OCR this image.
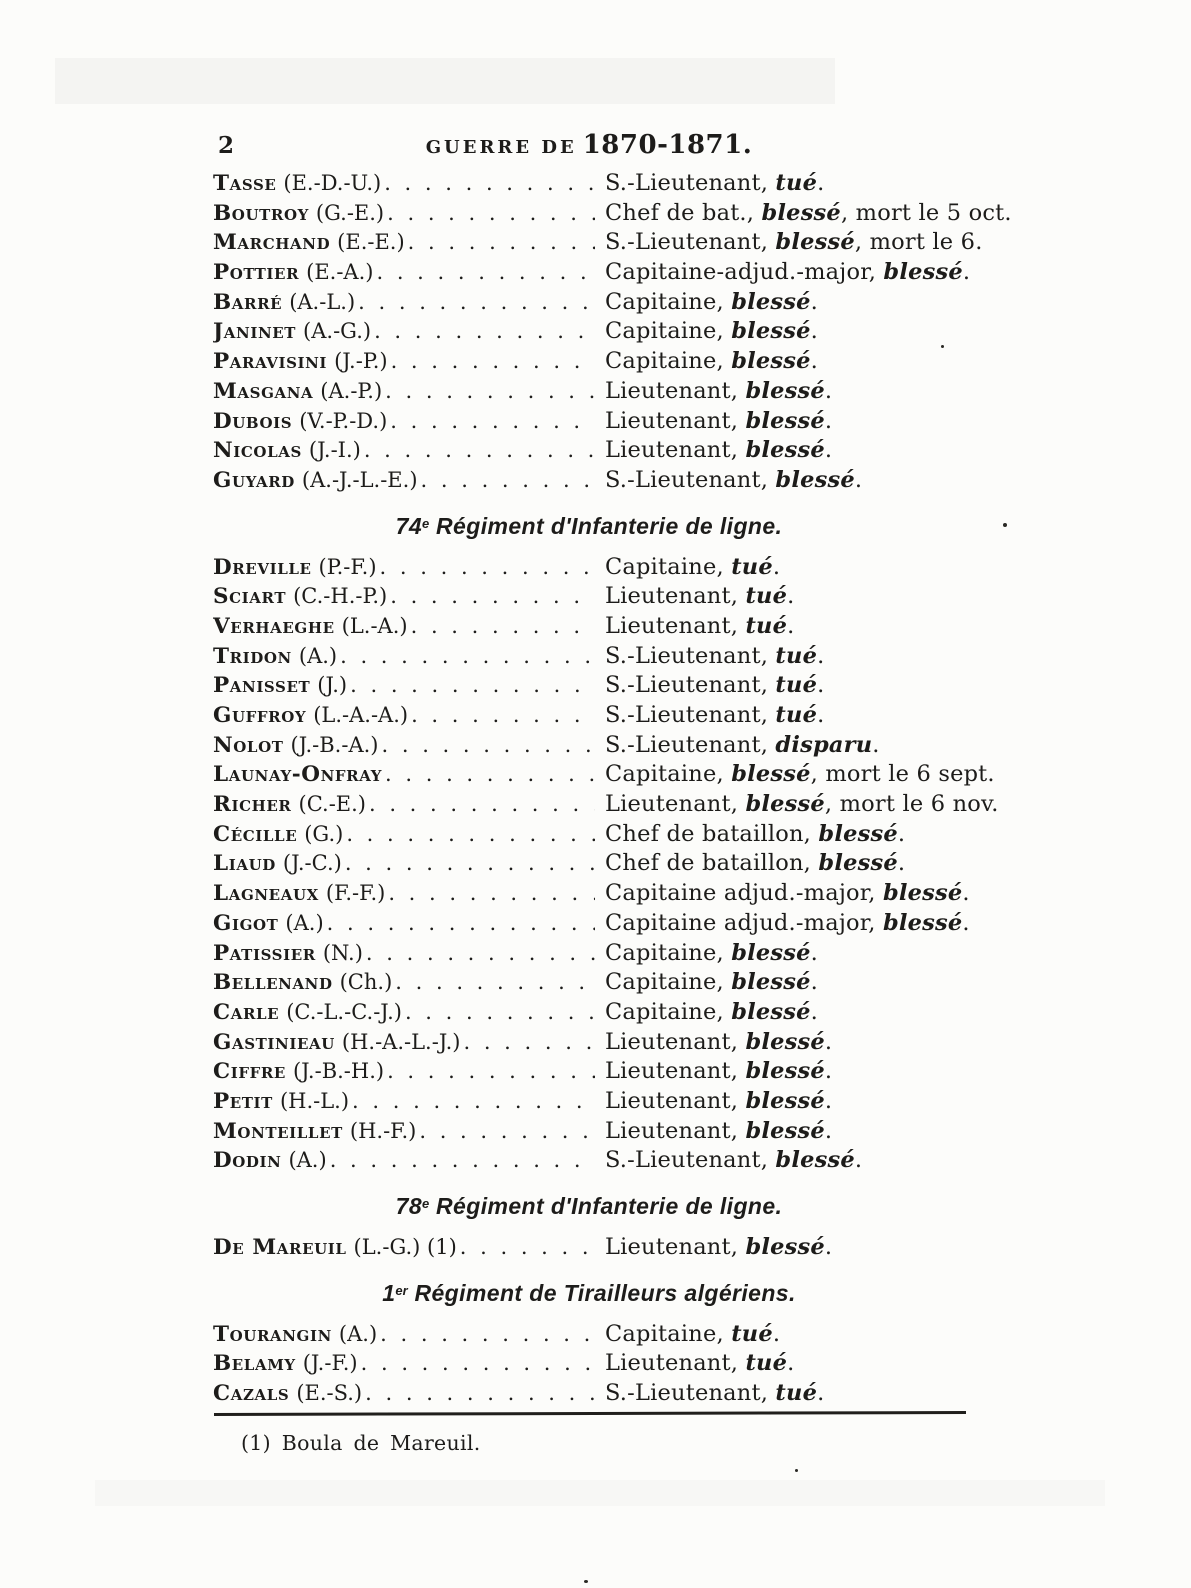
2	GUERRE DE 1870-1871.
Tasse (E.-D.-U.) . . .	S.-Lieutenant, tué.
Boutroy (G.-E.) . . .	Chef de bat., blessé, mort le 5 oct.
Marchand (E.-E.) . . .	S.-Lieutenant, blessé, mort le 6.
Pottier (E.-A.) . . .	Capitaine-adjud.-major, blessé.
Barré (A.-L.) . . .	Capitaine, blessé.
Janinet (A.-G.) . . .	Capitaine, blessé.
Paravisini (J.-P.) . . .	Capitaine, blessé.
Masgana (A.-P.) . . .	Lieutenant, blessé.
Dubois (V.-P.-D.) . . .	Lieutenant, blessé.
Nicolas (J.-I.) . . .	Lieutenant, blessé.
Guyard (A.-J.-L.-E.) . . .	S.-Lieutenant, blessé.
74e Régiment d'Infanterie de ligne.
Dreville (P.-F.) . . .	Capitaine, tué.
Sciart (C.-H.-P.) . . .	Lieutenant, tué.
Verhaeghe (L.-A.) . . .	Lieutenant, tué.
Tridon (A.) . . .	S.-Lieutenant, tué.
Panisset (J.) . . .	S.-Lieutenant, tué.
Guffroy (L.-A.-A.) . . .	S.-Lieutenant, tué.
Nolot (J.-B.-A.) . . .	S.-Lieutenant, disparu.
Launay-Onfray . . .	Capitaine, blessé, mort le 6 sept.
Richer (C.-E.) . . .	Lieutenant, blessé, mort le 6 nov.
Cécille (G.) . . .	Chef de bataillon, blessé.
Liaud (J.-C.) . . .	Chef de bataillon, blessé.
Lagneaux (F.-F.) . . .	Capitaine adjud.-major, blessé.
Gigot (A.) . . .	Capitaine adjud.-major, blessé.
Patissier (N.) . . .	Capitaine, blessé.
Bellenand (Ch.) . . .	Capitaine, blessé.
Carle (C.-L.-C.-J.) . . .	Capitaine, blessé.
Gastinieau (H.-A.-L.-J.) . . .	Lieutenant, blessé.
Ciffre (J.-B.-H.) . . .	Lieutenant, blessé.
Petit (H.-L.) . . .	Lieutenant, blessé.
Monteillet (H.-F.) . . .	Lieutenant, blessé.
Dodin (A.) . . .	S.-Lieutenant, blessé.
78e Régiment d'Infanterie de ligne.
De Mareuil (L.-G.) (1) . . .	Lieutenant, blessé.
1er Régiment de Tirailleurs algériens.
Tourangin (A.) . . .	Capitaine, tué.
Belamy (J.-F.) . . .	Lieutenant, tué.
Cazals (E.-S.) . . .	S.-Lieutenant, tué.
(1) Boula de Mareuil.
